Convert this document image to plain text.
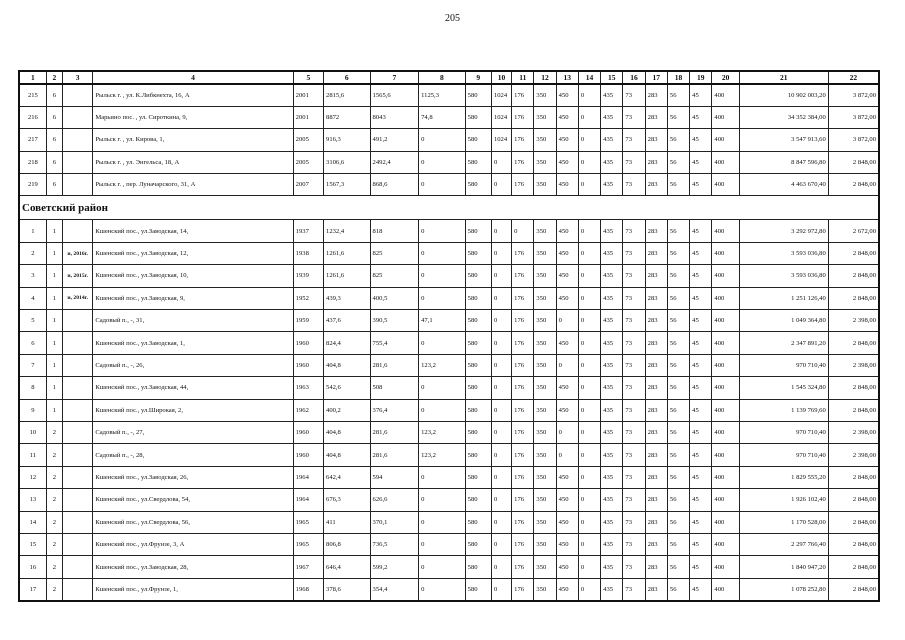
205
1	2	3	4	5	6	7	8	9	10	11	12	13	14	15	16	17	18	19	20	21	22
215	6		Рыльск г. , ул. К.Либкнехта, 16, А	2001	2815,6	1565,6	1125,3	580	1024	176	350	450	0	435	73	283	56	45	400	10 902 003,20	3 872,00
216	6		Марьино пос. , ул. Сироткина, 9,	2001	8872	8043	74,8	580	1024	176	350	450	0	435	73	283	56	45	400	34 352 384,00	3 872,00
217	6		Рыльск г. , ул. Кирова, 1,	2005	916,3	491,2	0	580	1024	176	350	450	0	435	73	283	56	45	400	3 547 913,60	3 872,00
218	6		Рыльск г. , ул. Энгельса, 18, А	2005	3106,6	2492,4	0	580	0	176	350	450	0	435	73	283	56	45	400	8 847 596,80	2 848,00
219	6		Рыльск г. , пер. Луначарского, 31, А	2007	1567,3	868,6	0	580	0	176	350	450	0	435	73	283	56	45	400	4 463 670,40	2 848,00
Советский район																					
1	1		Кшенский пос., ул.Заводская, 14,	1937	1232,4	818	0	580	0	0	350	450	0	435	73	283	56	45	400	3 292 972,80	2 672,00
2	1	и, 2016г.	Кшенский пос., ул.Заводская, 12,	1938	1261,6	825	0	580	0	176	350	450	0	435	73	283	56	45	400	3 593 036,80	2 848,00
3	1	и, 2015г.	Кшенский пос., ул.Заводская, 10,	1939	1261,6	825	0	580	0	176	350	450	0	435	73	283	56	45	400	3 593 036,80	2 848,00
4	1	и, 2014г.	Кшенский пос., ул.Заводская, 9,	1952	439,3	400,5	0	580	0	176	350	450	0	435	73	283	56	45	400	1 251 126,40	2 848,00
5	1		Садовый п., -, 31,	1959	437,6	390,5	47,1	580	0	176	350	0	0	435	73	283	56	45	400	1 049 364,80	2 398,00
6	1		Кшенский пос., ул.Заводская, 1,	1960	824,4	755,4	0	580	0	176	350	450	0	435	73	283	56	45	400	2 347 891,20	2 848,00
7	1		Садовый п., -, 26,	1960	404,8	281,6	123,2	580	0	176	350	0	0	435	73	283	56	45	400	970 710,40	2 398,00
8	1		Кшенский пос., ул.Заводская, 44,	1963	542,6	508	0	580	0	176	350	450	0	435	73	283	56	45	400	1 545 324,80	2 848,00
9	1		Кшенский пос., ул.Широкая, 2,	1962	400,2	376,4	0	580	0	176	350	450	0	435	73	283	56	45	400	1 139 769,60	2 848,00
10	2		Садовый п., -, 27,	1960	404,8	281,6	123,2	580	0	176	350	0	0	435	73	283	56	45	400	970 710,40	2 398,00
11	2		Садовый п., -, 28,	1960	404,8	281,6	123,2	580	0	176	350	0	0	435	73	283	56	45	400	970 710,40	2 398,00
12	2		Кшенский пос., ул.Заводская, 26,	1964	642,4	594	0	580	0	176	350	450	0	435	73	283	56	45	400	1 829 555,20	2 848,00
13	2		Кшенский пос., ул.Свердлова, 54,	1964	676,3	626,6	0	580	0	176	350	450	0	435	73	283	56	45	400	1 926 102,40	2 848,00
14	2		Кшенский пос., ул.Свердлова, 56,	1965	411	370,1	0	580	0	176	350	450	0	435	73	283	56	45	400	1 170 528,00	2 848,00
15	2		Кшенский пос., ул.Фрунзе, 3, А	1965	806,8	736,5	0	580	0	176	350	450	0	435	73	283	56	45	400	2 297 766,40	2 848,00
16	2		Кшенский пос., ул.Заводская, 28,	1967	646,4	599,2	0	580	0	176	350	450	0	435	73	283	56	45	400	1 840 947,20	2 848,00
17	2		Кшенский пос., ул.Фрунзе, 1,	1968	378,6	354,4	0	580	0	176	350	450	0	435	73	283	56	45	400	1 078 252,80	2 848,00
